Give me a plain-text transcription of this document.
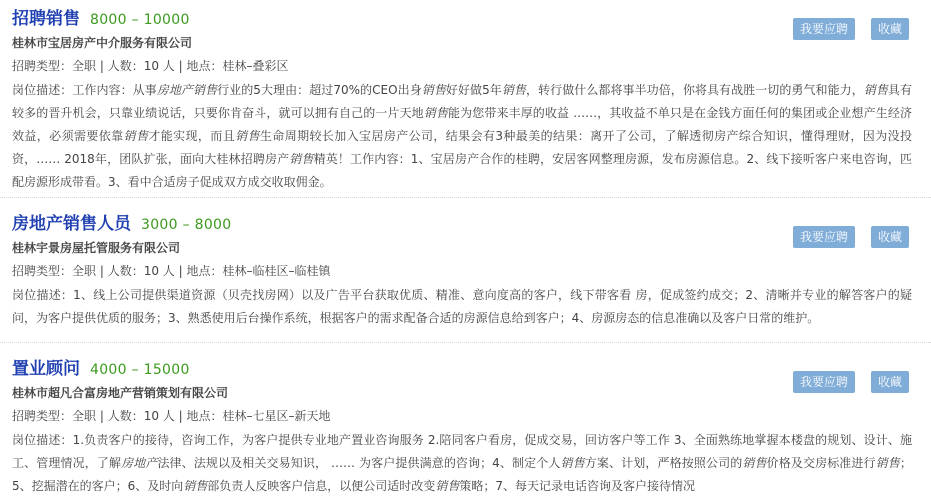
招聘销售 8000 – 10000
桂林市宝居房产中介服务有限公司
招聘类型：全职 | 人数：10 人 | 地点：桂林–叠彩区
岗位描述：工作内容：从事房地产销售行业的5大理由：超过70%的CEO出身销售好好做5年销售，转行做什么都将事半功倍，你将具有战胜一切的勇气和能力，销售具有较多的晋升机会，只靠业绩说话，只要你肯奋斗，就可以拥有自己的一片天地销售能为您带来丰厚的收益 ……，其收益不单只是在金钱方面任何的集团或企业想产生经济效益，必须需要依靠销售才能实现，而且销售生命周期较长加入宝居房产公司，结果会有3种最美的结果：离开了公司，了解透彻房产综合知识，懂得理财，因为没投资，…… 2018年，团队扩张，面向大桂林招聘房产销售精英！工作内容：1、宝居房产合作的桂聘，安居客网整理房源，发布房源信息。2、线下接听客户来电咨询，匹配房源形成带看。3、看中合适房子促成双方成交收取佣金。
我要应聘	收藏
房地产销售人员 3000 – 8000
桂林宇景房屋托管服务有限公司
招聘类型：全职 | 人数：10 人 | 地点：桂林–临桂区–临桂镇
岗位描述：1、线上公司提供渠道资源（贝壳找房网）以及广告平台获取优质、精准、意向度高的客户，线下带客看 房，促成签约成交；2、清晰并专业的解答客户的疑问，为客户提供优质的服务；3、熟悉使用后台操作系统，根据客户的需求配备合适的房源信息给到客户；4、房源房态的信息准确以及客户日常的维护。
我要应聘	收藏
置业顾问 4000 – 15000
桂林市超凡合富房地产营销策划有限公司
招聘类型：全职 | 人数：10 人 | 地点：桂林–七星区–新天地
岗位描述：1.负责客户的接待，咨询工作，为客户提供专业地产置业咨询服务 2.陪同客户看房，促成交易，回访客户等工作 3、全面熟练地掌握本楼盘的规划、设计、施工、管理情况，了解房地产法律、法规以及相关交易知识， …… 为客户提供满意的咨询；4、制定个人销售方案、计划，严格按照公司的销售价格及交房标准进行销售；5、挖掘潜在的客户；6、及时向销售部负责人反映客户信息，以便公司适时改变销售策略；7、每天记录电话咨询及客户接待情况
我要应聘	收藏
